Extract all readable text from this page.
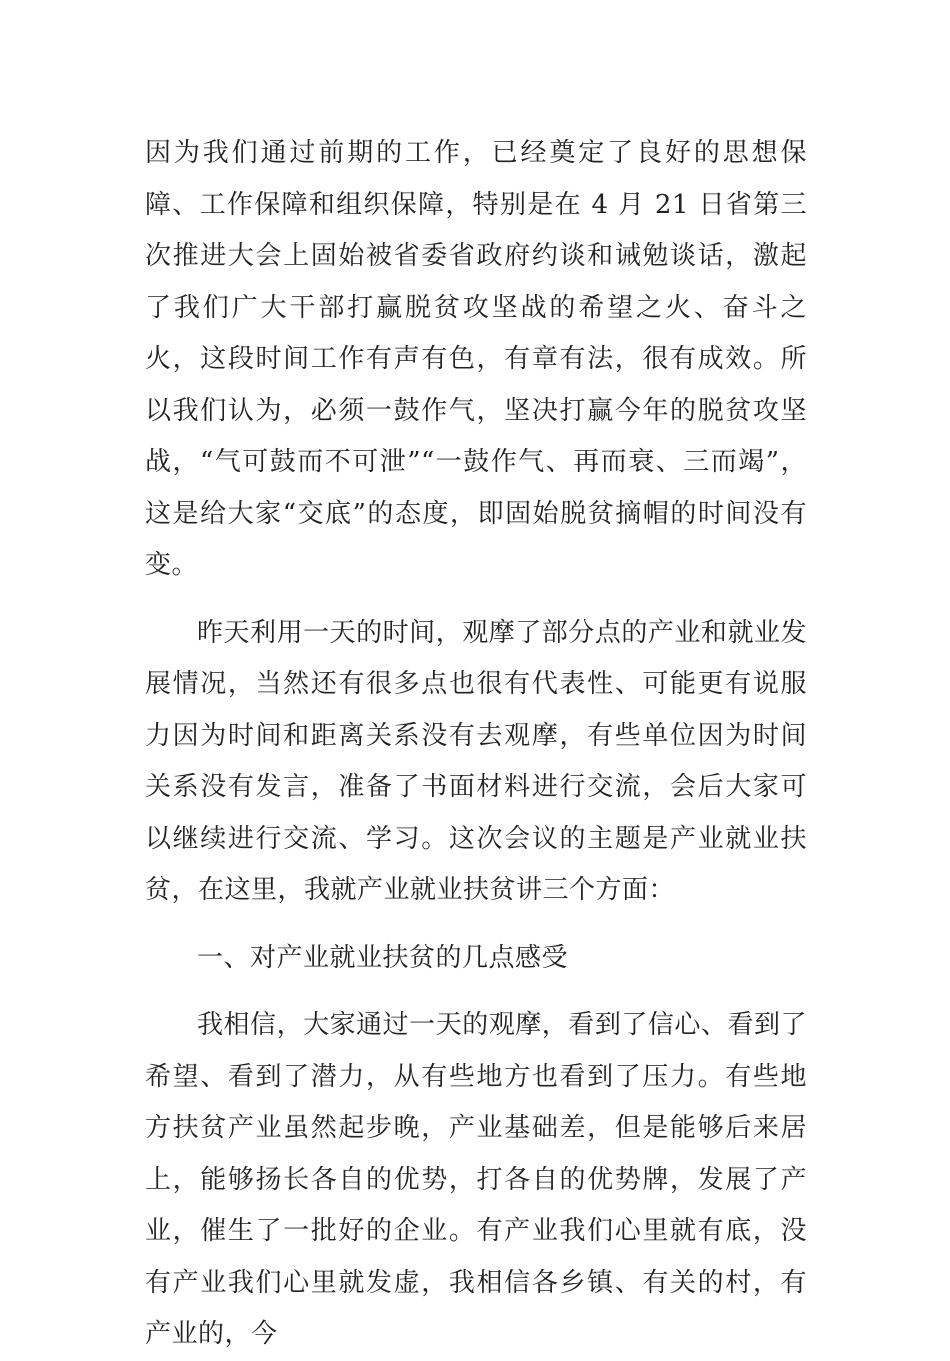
因为我们通过前期的工作，已经奠定了良好的思想保障、工作保障和组织保障，特别是在 4 月 21 日省第三次推进大会上固始被省委省政府约谈和诫勉谈话，激起了我们广大干部打赢脱贫攻坚战的希望之火、奋斗之火，这段时间工作有声有色，有章有法，很有成效。所以我们认为，必须一鼓作气，坚决打赢今年的脱贫攻坚战，“气可鼓而不可泄”“一鼓作气、再而衰、三而竭”，这是给大家“交底”的态度，即固始脱贫摘帽的时间没有变。

昨天利用一天的时间，观摩了部分点的产业和就业发展情况，当然还有很多点也很有代表性、可能更有说服力因为时间和距离关系没有去观摩，有些单位因为时间关系没有发言，准备了书面材料进行交流，会后大家可以继续进行交流、学习。这次会议的主题是产业就业扶贫，在这里，我就产业就业扶贫讲三个方面：

一、对产业就业扶贫的几点感受

我相信，大家通过一天的观摩，看到了信心、看到了希望、看到了潜力，从有些地方也看到了压力。有些地方扶贫产业虽然起步晚，产业基础差，但是能够后来居上，能够扬长各自的优势，打各自的优势牌，发展了产业，催生了一批好的企业。有产业我们心里就有底，没有产业我们心里就发虚，我相信各乡镇、有关的村，有产业的，今
